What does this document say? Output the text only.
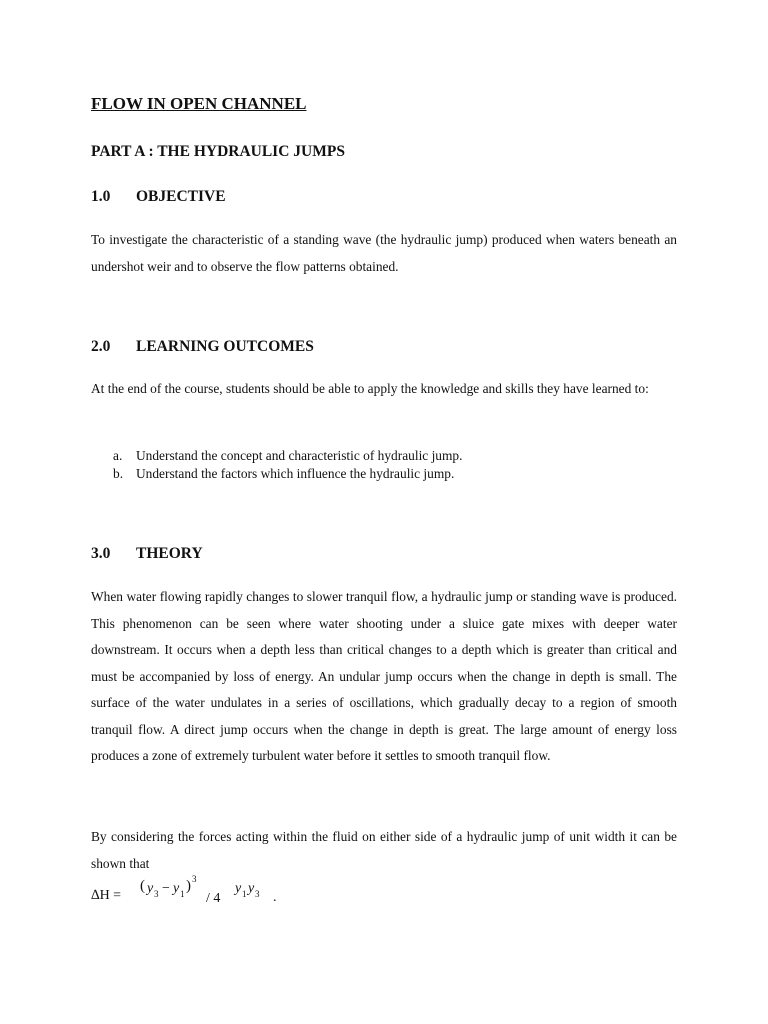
FLOW IN OPEN CHANNEL
PART A : THE HYDRAULIC JUMPS
1.0 OBJECTIVE
To investigate the characteristic of a standing wave (the hydraulic jump) produced when waters beneath an undershot weir and to observe the flow patterns obtained.
2.0 LEARNING OUTCOMES
At the end of the course, students should be able to apply the knowledge and skills they have learned to:
a. Understand the concept and characteristic of hydraulic jump.
b. Understand the factors which influence the hydraulic jump.
3.0 THEORY
When water flowing rapidly changes to slower tranquil flow, a hydraulic jump or standing wave is produced. This phenomenon can be seen where water shooting under a sluice gate mixes with deeper water downstream. It occurs when a depth less than critical changes to a depth which is greater than critical and must be accompanied by loss of energy. An undular jump occurs when the change in depth is small. The surface of the water undulates in a series of oscillations, which gradually decay to a region of smooth tranquil flow. A direct jump occurs when the change in depth is great. The large amount of energy loss produces a zone of extremely turbulent water before it settles to smooth tranquil flow.
By considering the forces acting within the fluid on either side of a hydraulic jump of unit width it can be shown that
∆H =
( y 3 − y 1 ) 3
/ 4
y 1 y 3 .
